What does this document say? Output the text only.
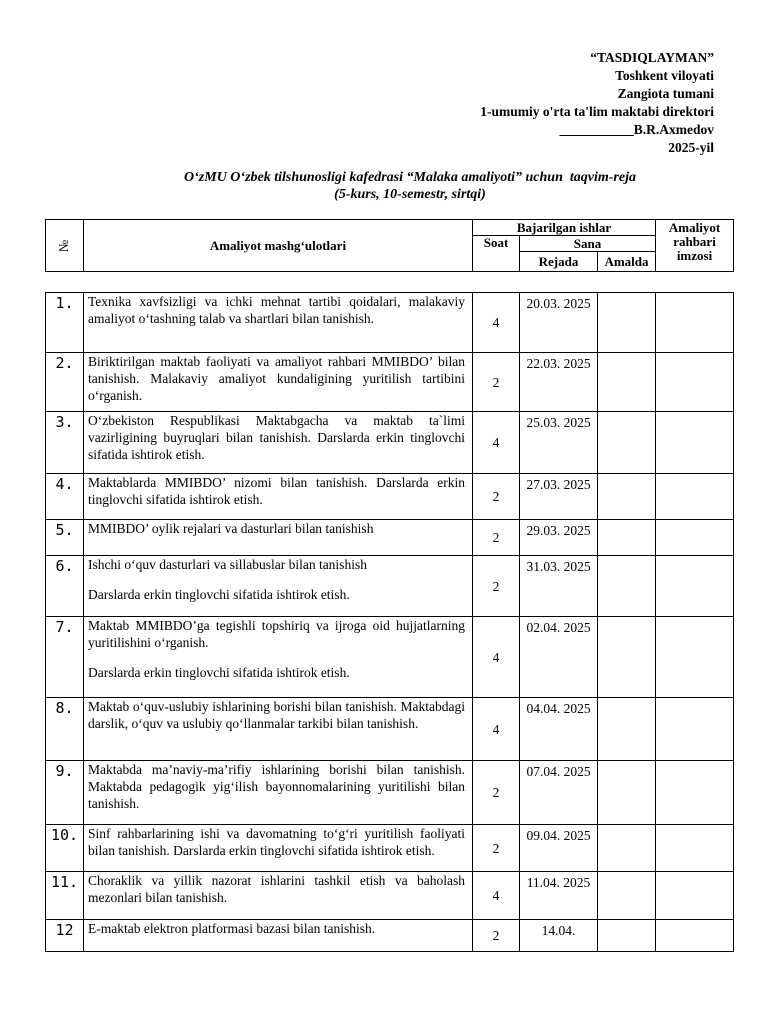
“TASDIQLAYMAN”
Toshkent viloyati
Zangiota tumani
1-umumiy o'rta ta'lim maktabi direktori
___________B.R.Axmedov
2025-yil
O‘zMU O‘zbek tilshunosligi kafedrasi “Malaka amaliyoti” uchun  taqvim-reja
(5-kurs, 10-semestr, sirtqi)
№	Amaliyot mashg‘ulotlari	Bajarilgan ishlar			Amaliyot rahbari imzosi
		Soat	Sana		
			Rejada	Amalda	
1.	Texnika xavfsizligi va ichki mehnat tartibi qoidalari, malakaviy amaliyot o‘tashning talab va shartlari bilan tanishish.	4	20.03. 2025		
2.	Biriktirilgan maktab faoliyati va amaliyot rahbari MMIBDO’ bilan tanishish. Malakaviy amaliyot kundaligining yuritilish tartibini o‘rganish.	2	22.03. 2025		
3.	O‘zbekiston Respublikasi Maktabgacha va maktab ta`limi vazirligining buyruqlari bilan tanishish. Darslarda erkin tinglovchi sifatida ishtirok etish.	4	25.03. 2025		
4.	Maktablarda MMIBDO’ nizomi bilan tanishish. Darslarda erkin tinglovchi sifatida ishtirok etish.	2	27.03. 2025		
5.	MMIBDO’ oylik rejalari va dasturlari bilan tanishish	2	29.03. 2025		
6.	Ishchi o‘quv dasturlari va sillabuslar bilan tanishish

Darslarda erkin tinglovchi sifatida ishtirok etish.	2	31.03. 2025		
7.	Maktab MMIBDO’ga tegishli topshiriq va ijroga oid hujjatlarning yuritilishini o‘rganish.

Darslarda erkin tinglovchi sifatida ishtirok etish.	4	02.04. 2025		
8.	Maktab o‘quv-uslubiy ishlarining borishi bilan tanishish. Maktabdagi darslik, o‘quv va uslubiy qo‘llanmalar tarkibi bilan tanishish.	4	04.04. 2025		
9.	Maktabda ma’naviy-ma’rifiy ishlarining borishi bilan tanishish. Maktabda pedagogik yig‘ilish bayonnomalarining yuritilishi bilan tanishish.	2	07.04. 2025		
10.	Sinf rahbarlarining ishi va davomatning to‘g‘ri yuritilish faoliyati bilan tanishish. Darslarda erkin tinglovchi sifatida ishtirok etish.	2	09.04. 2025		
11.	Choraklik va yillik nazorat ishlarini tashkil etish va baholash mezonlari bilan tanishish.	4	11.04. 2025		
12	E-maktab elektron platformasi bazasi bilan tanishish.	2	14.04.		
